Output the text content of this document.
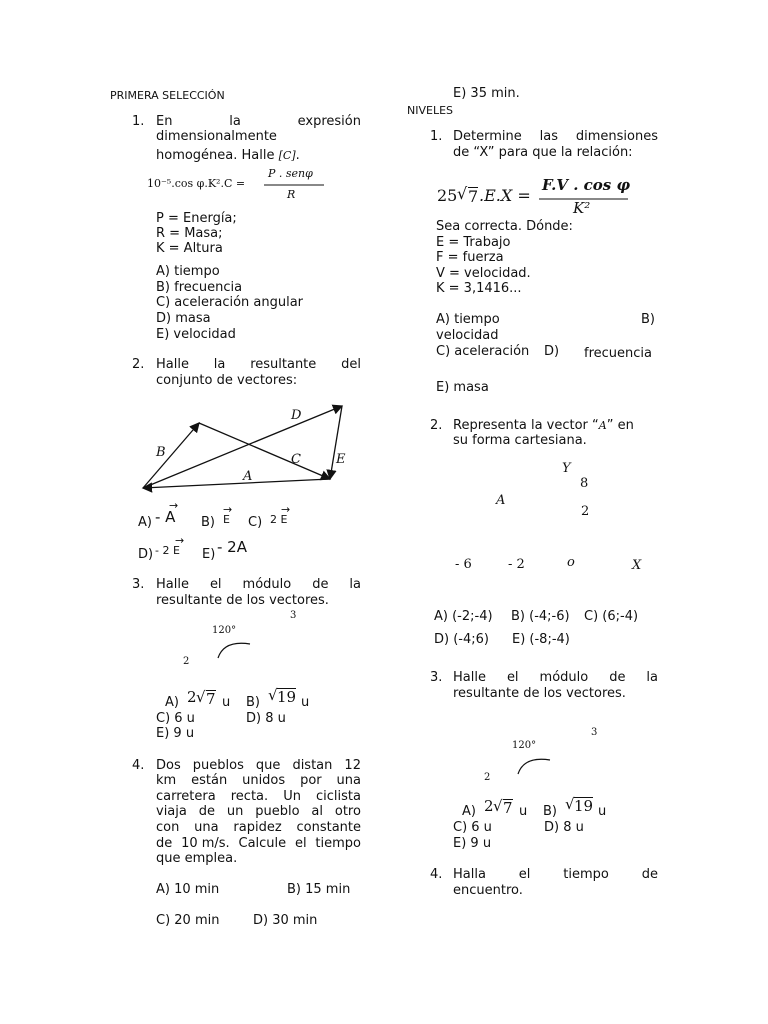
PRIMERA SELECCIÓN
1. En	la	expresión
dimensionalmente
homogénea. Halle [C].
10⁻⁵.cos φ.K².C =
P . senφ
R
P = Energía;
R = Masa;
K = Altura
A) tiempo
B) frecuencia
C) aceleración angular
D) masa
E) velocidad
2. Halle la resultante del
conjunto de vectores:
D
B	C	E
A
A) - A
→
B) E
→
C) 2 E
→
D) - 2 E
→
E) - 2A
3. Halle el módulo de la
resultante de los vectores.
3
120°
2
A) 2 √ 7 u B) √ 19 u
C) 6 u	D) 8 u
E) 9 u
4. Dos pueblos que distan 12
km están unidos por una
carretera recta. Un ciclista
viaja de un pueblo al otro
con una rapidez constante
de 10 m/s. Calcule el tiempo
que emplea.
A) 10 min	B) 15 min
C) 20 min	D) 30 min
E) 35 min.
NIVELES
1. Determine las dimensiones
de “X” para que la relación:
25 √ 7 .E.X =
F.V . cos φ
K²
Sea correcta. Dónde:
E = Trabajo
F = fuerza
V = velocidad.
K = 3,1416...
A) tiempo	B)
velocidad
C) aceleración D) frecuencia
E) masa
2. Representa la vector “A” en
su forma cartesiana.
Y
8
A
2
- 6	- 2	o	X
A) (-2;-4) B) (-4;-6) C) (6;-4)
D) (-4;6) E) (-8;-4)
3. Halle el módulo de la
resultante de los vectores.
3
120°
2
A) 2 √ 7 u B) √ 19 u
C) 6 u	D) 8 u
E) 9 u
4. Halla	el	tiempo	de
encuentro.
